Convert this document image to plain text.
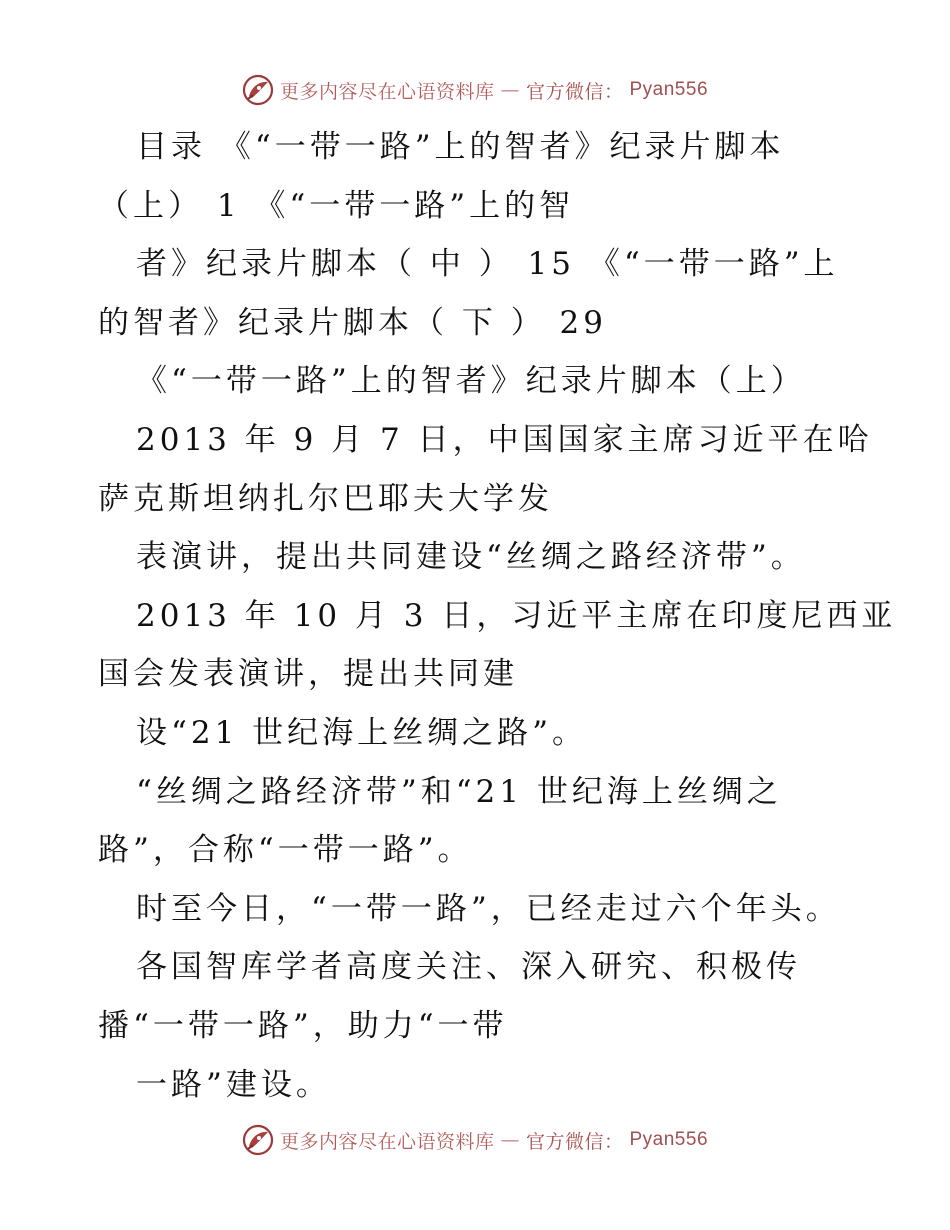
更多内容尽在心语资料库 — 官方微信： Pyan556
目录 《“一带一路”上的智者》纪录片脚本
（上） 1 《“一带一路”上的智
者》纪录片脚本（ 中 ） 15 《“一带一路”上
的智者》纪录片脚本（ 下 ） 29
《“一带一路”上的智者》纪录片脚本（上）
2013 年 9 月 7 日，中国国家主席习近平在哈
萨克斯坦纳扎尔巴耶夫大学发
表演讲，提出共同建设“丝绸之路经济带”。
2013 年 10 月 3 日，习近平主席在印度尼西亚
国会发表演讲，提出共同建
设“21 世纪海上丝绸之路”。
“丝绸之路经济带”和“21 世纪海上丝绸之
路”，合称“一带一路”。
时至今日，“一带一路”，已经走过六个年头。
各国智库学者高度关注、深入研究、积极传
播“一带一路”，助力“一带
一路”建设。
更多内容尽在心语资料库 — 官方微信： Pyan556
